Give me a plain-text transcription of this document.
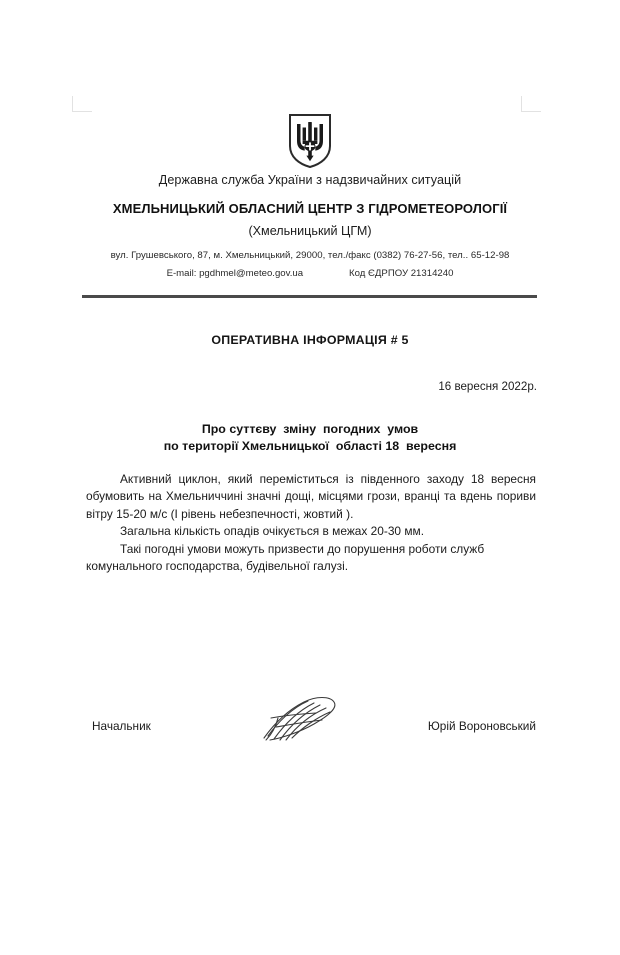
Державна служба України з надзвичайних ситуацій

ХМЕЛЬНИЦЬКИЙ ОБЛАСНИЙ ЦЕНТР З ГІДРОМЕТЕОРОЛОГІЇ

(Хмельницький ЦГМ)

вул. Грушевського, 87, м. Хмельницький, 29000, тел./факс (0382) 76-27-56, тел.. 65-12-98

E-mail: pgdhmel@meteo.gov.ua	Код ЄДРПОУ 21314240

ОПЕРАТИВНА ІНФОРМАЦІЯ # 5
16 вересня 2022р.
Про суттєву  зміну  погодних  умов
по території Хмельницької  області 18  вересня

Активний циклон, який переміститься із південного заходу 18 вересня обумовить на Хмельниччині значні дощі, місцями грози, вранці та вдень пориви вітру 15-20 м/с (І рівень небезпечності, жовтий ).

Загальна кількість опадів очікується в межах 20-30 мм.

Такі погодні умови можуть призвести до порушення роботи служб комунального господарства, будівельної галузі.

Начальник	Юрій Вороновський
